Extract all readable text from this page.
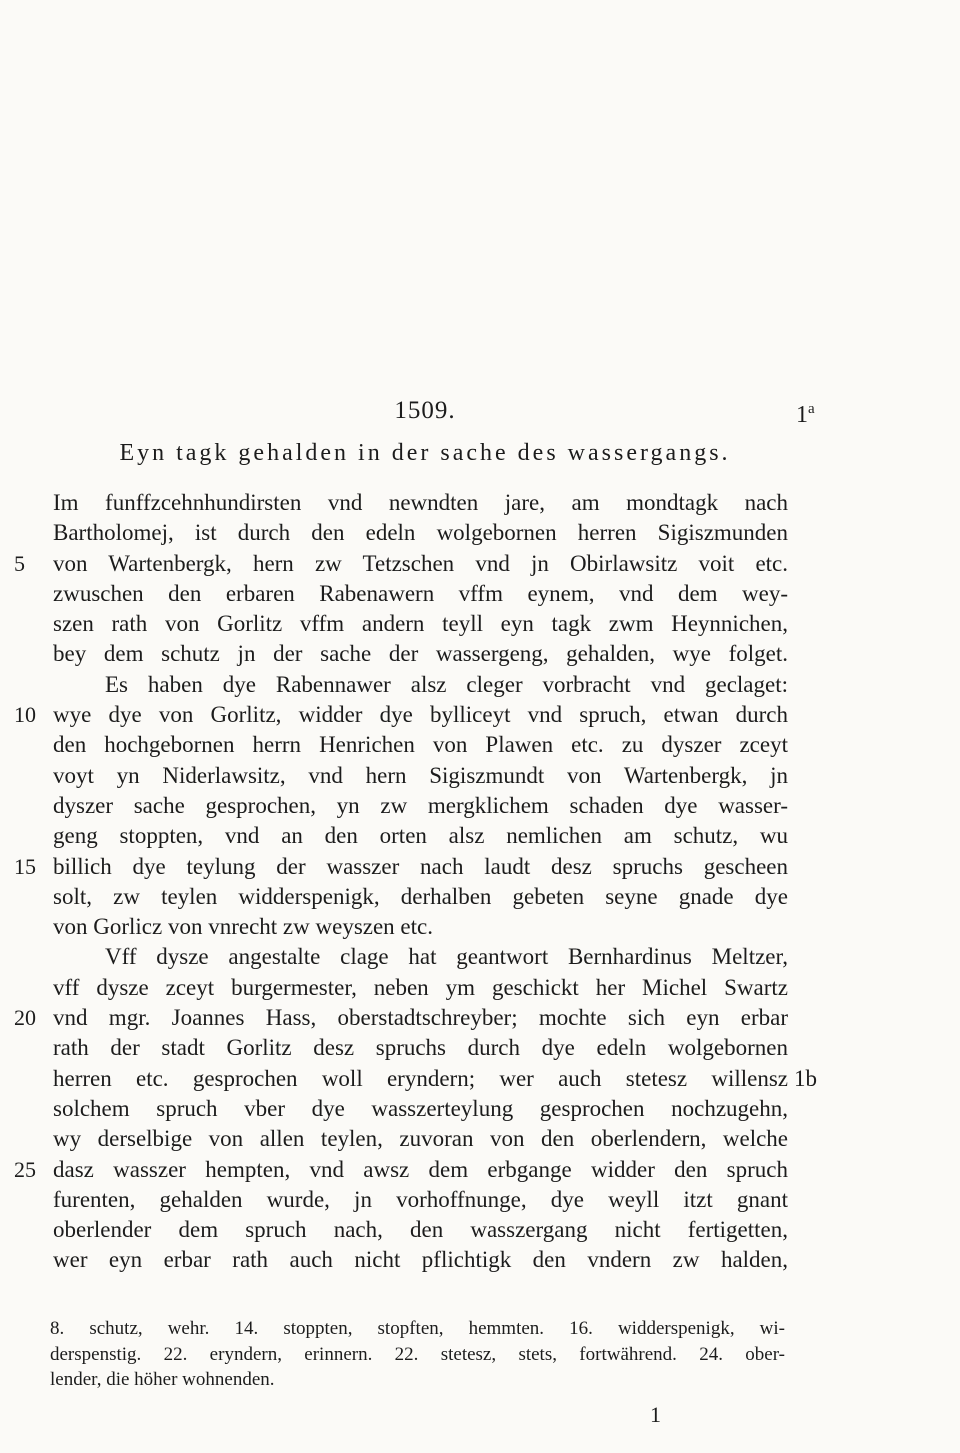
1509.	1$^a$
Eyn tagk gehalden in der sache des wassergangs.
Im funffzcehnhundirsten vnd newndten jare, am mondtagk nach
Bartholomej, ist durch den edeln wolgebornen herren Sigiszmunden
von Wartenbergk, hern zw Tetzschen vnd jn Obirlawsitz voit etc.
zwuschen den erbaren Rabenawern vffm eynem, vnd dem wey-
szen rath von Gorlitz vffm andern teyll eyn tagk zwm Heynnichen,
bey dem schutz jn der sache der wassergeng, gehalden, wye folget.
Es haben dye Rabennawer alsz cleger vorbracht vnd geclaget:
wye dye von Gorlitz, widder dye bylliceyt vnd spruch, etwan durch
den hochgebornen herrn Henrichen von Plawen etc. zu dyszer zceyt
voyt yn Niderlawsitz, vnd hern Sigiszmundt von Wartenbergk, jn
dyszer sache gesprochen, yn zw mergklichem schaden dye wasser-
geng stoppten, vnd an den orten alsz nemlichen am schutz, wu
billich dye teylung der wasszer nach laudt desz spruchs gescheen
solt, zw teylen widderspenigk, derhalben gebeten seyne gnade dye
von Gorlicz von vnrecht zw weyszen etc.
Vff dysze angestalte clage hat geantwort Bernhardinus Meltzer,
vff dysze zceyt burgermester, neben ym geschickt her Michel Swartz
vnd mgr. Joannes Hass, oberstadtschreyber; mochte sich eyn erbar
rath der stadt Gorlitz desz spruchs durch dye edeln wolgebornen
herren etc. gesprochen woll eryndern; wer auch stetesz willensz
solchem spruch vber dye wasszerteylung gesprochen nochzugehn,
wy derselbige von allen teylen, zuvoran von den oberlendern, welche
dasz wasszer hempten, vnd awsz dem erbgange widder den spruch
furenten, gehalden wurde, jn vorhoffnunge, dye weyll itzt gnant
oberlender dem spruch nach, den wasszergang nicht fertigetten,
wer eyn erbar rath auch nicht pflichtigk den vndern zw halden,
5
10
15
20
25
1b
8. schutz, wehr. 14. stoppten, stopften, hemmten. 16. widderspenigk, wi-
derspenstig. 22. eryndern, erinnern. 22. stetesz, stets, fortwährend. 24. ober-
lender, die höher wohnenden.
1
